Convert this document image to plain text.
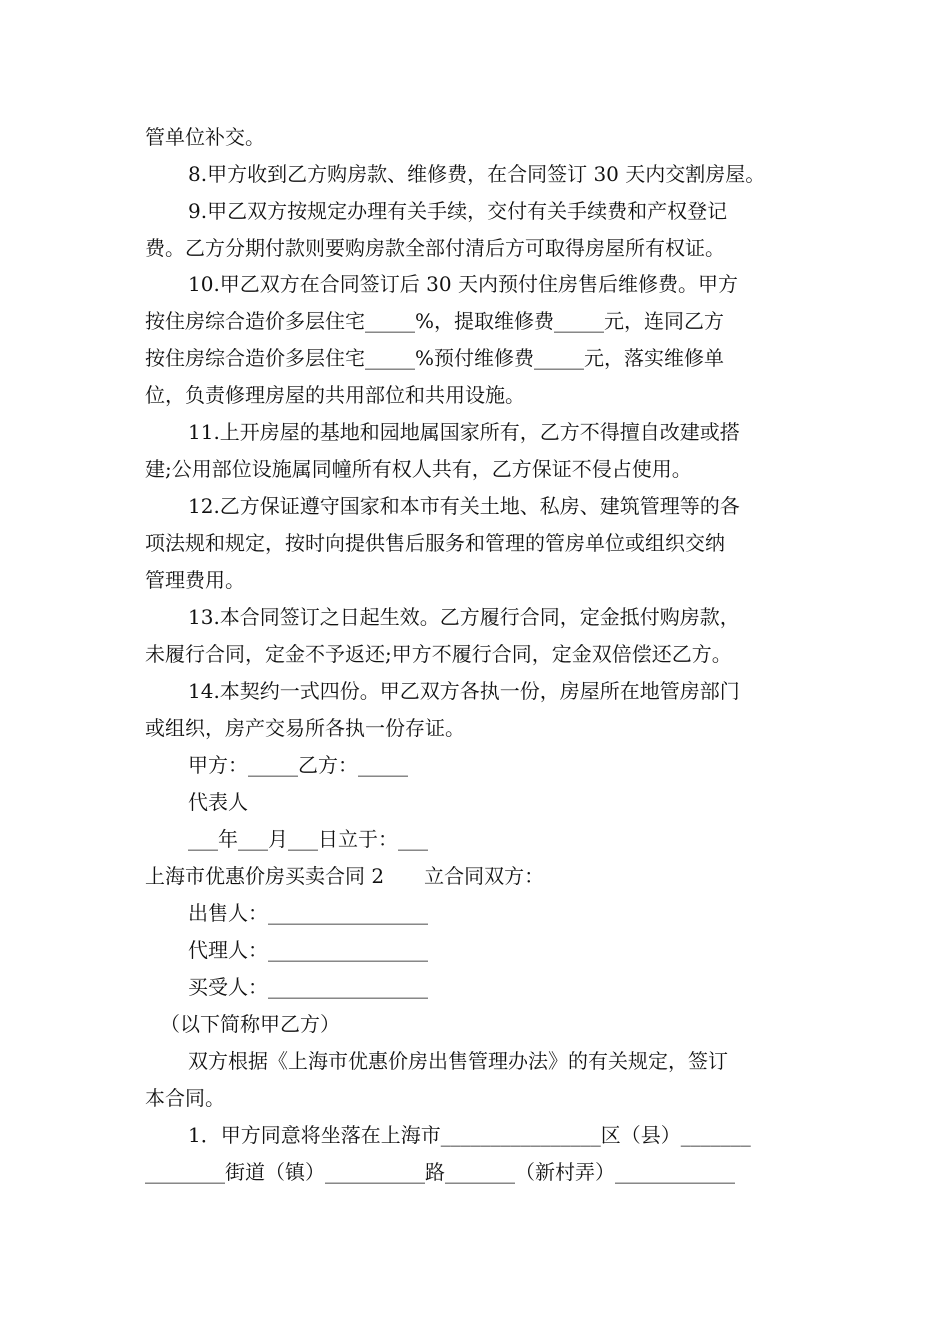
管单位补交。
8.甲方收到乙方购房款、维修费，在合同签订 30 天内交割房屋。
9.甲乙双方按规定办理有关手续，交付有关手续费和产权登记
费。乙方分期付款则要购房款全部付清后方可取得房屋所有权证。
10.甲乙双方在合同签订后 30 天内预付住房售后维修费。甲方
按住房综合造价多层住宅_____%，提取维修费_____元，连同乙方
按住房综合造价多层住宅_____%预付维修费_____元，落实维修单
位，负责修理房屋的共用部位和共用设施。
11.上开房屋的基地和园地属国家所有，乙方不得擅自改建或搭
建;公用部位设施属同幢所有权人共有，乙方保证不侵占使用。
12.乙方保证遵守国家和本市有关土地、私房、建筑管理等的各
项法规和规定，按时向提供售后服务和管理的管房单位或组织交纳
管理费用。
13.本合同签订之日起生效。乙方履行合同，定金抵付购房款，
未履行合同，定金不予返还;甲方不履行合同，定金双倍偿还乙方。
14.本契约一式四份。甲乙双方各执一份，房屋所在地管房部门
或组织，房产交易所各执一份存证。
甲方：_____乙方：_____
代表人
___年___月___日立于：___
上海市优惠价房买卖合同 2　　立合同双方：
出售人：________________
代理人：________________
买受人：________________
（以下简称甲乙方）
双方根据《上海市优惠价房出售管理办法》的有关规定，签订
本合同。
1．甲方同意将坐落在上海市________________区（县）_______
________街道（镇）__________路_______（新村弄）____________
